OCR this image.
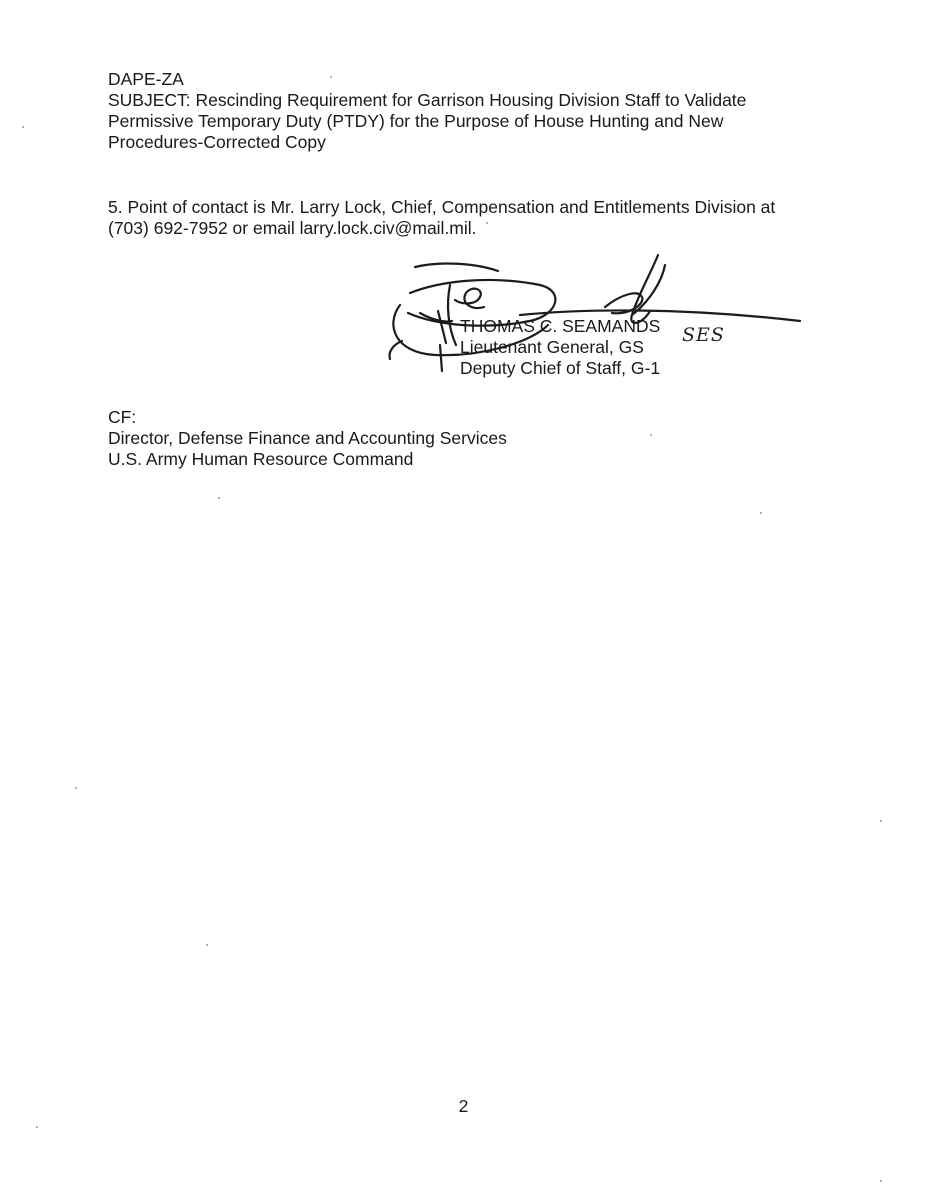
DAPE-ZA
SUBJECT: Rescinding Requirement for Garrison Housing Division Staff to Validate
Permissive Temporary Duty (PTDY) for the Purpose of House Hunting and New
Procedures-Corrected Copy
5. Point of contact is Mr. Larry Lock, Chief, Compensation and Entitlements Division at
(703) 692-7952 or email larry.lock.civ@mail.mil.
THOMAS C. SEAMANDS
Lieutenant General, GS
Deputy Chief of Staff, G-1
SES
CF:
Director, Defense Finance and Accounting Services
U.S. Army Human Resource Command
2
